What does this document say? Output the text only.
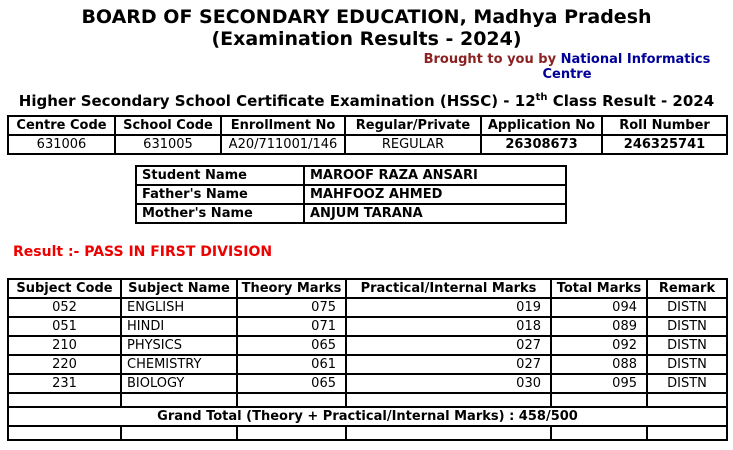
BOARD OF SECONDARY EDUCATION, Madhya Pradesh
(Examination Results - 2024)
Brought to you by National Informatics Centre
Higher Secondary School Certificate Examination (HSSC) - 12th Class Result - 2024
Centre Code	School Code	Enrollment No	Regular/Private	Application No	Roll Number
631006	631005	A20/711001/146	REGULAR	26308673	246325741
Student Name	MAROOF RAZA ANSARI
Father's Name	MAHFOOZ AHMED
Mother's Name	ANJUM TARANA
Result :- PASS IN FIRST DIVISION
Subject Code	Subject Name	Theory Marks	Practical/Internal Marks	Total Marks	Remark
052	ENGLISH	075	019	094	DISTN
051	HINDI	071	018	089	DISTN
210	PHYSICS	065	027	092	DISTN
220	CHEMISTRY	061	027	088	DISTN
231	BIOLOGY	065	030	095	DISTN

Grand Total (Theory + Practical/Internal Marks) : 458/500					
